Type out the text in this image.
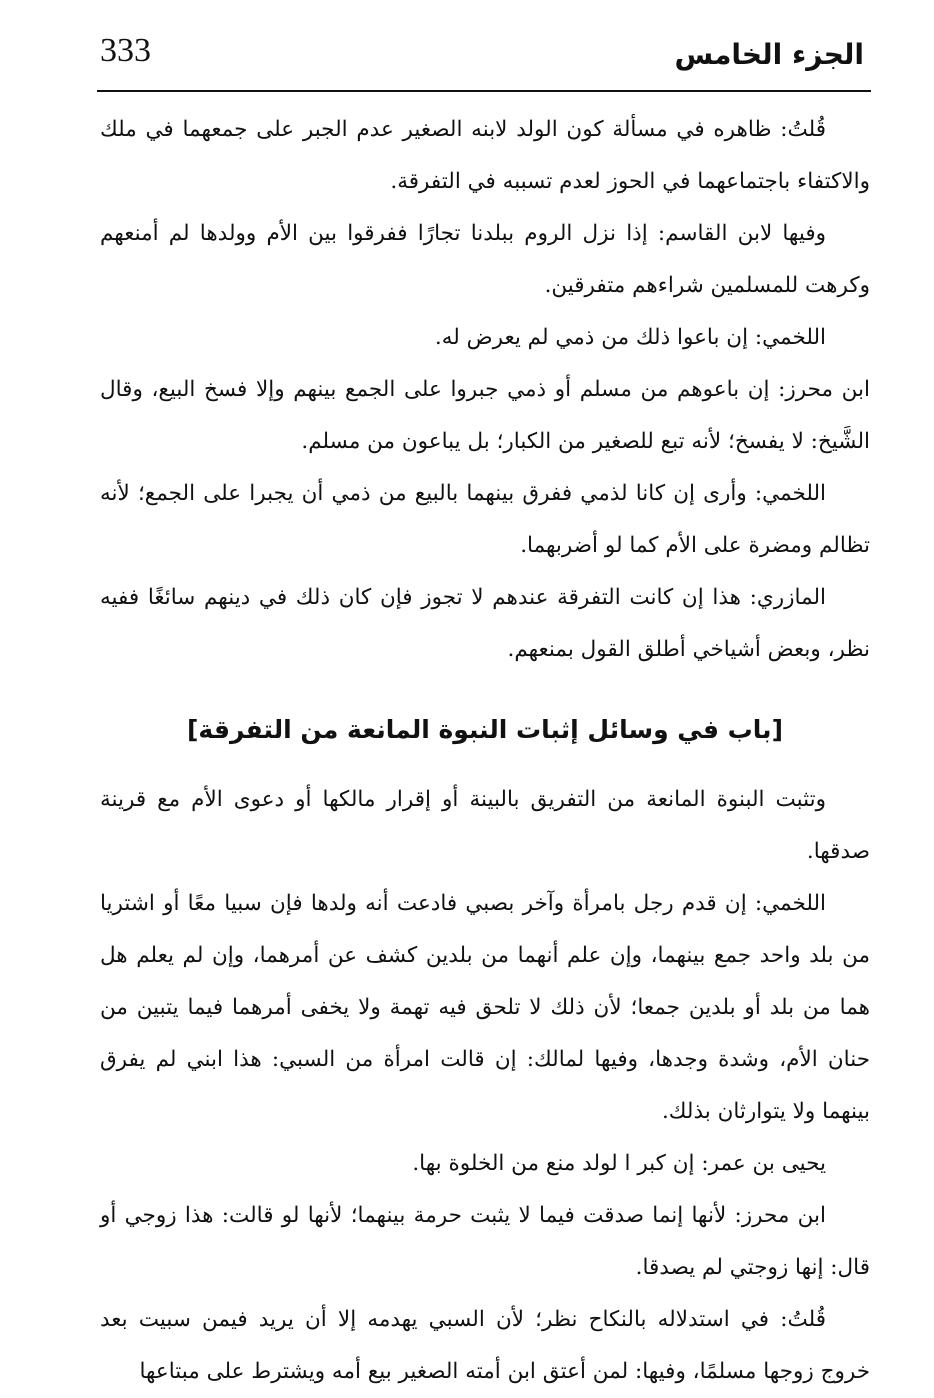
333	الجزء الخامس

قُلتُ: ظاهره في مسألة كون الولد لابنه الصغير عدم الجبر على جمعهما في ملك والاكتفاء باجتماعهما في الحوز لعدم تسببه في التفرقة.

وفيها لابن القاسم: إذا نزل الروم ببلدنا تجارًا ففرقوا بين الأم وولدها لم أمنعهم وكرهت للمسلمين شراءهم متفرقين.

اللخمي: إن باعوا ذلك من ذمي لم يعرض له.

ابن محرز: إن باعوهم من مسلم أو ذمي جبروا على الجمع بينهم وإلا فسخ البيع، وقال الشَّيخ: لا يفسخ؛ لأنه تبع للصغير من الكبار؛ بل يباعون من مسلم.

اللخمي: وأرى إن كانا لذمي ففرق بينهما بالبيع من ذمي أن يجبرا على الجمع؛ لأنه تظالم ومضرة على الأم كما لو أضربهما.

المازري: هذا إن كانت التفرقة عندهم لا تجوز فإن كان ذلك في دينهم سائغًا ففيه نظر، وبعض أشياخي أطلق القول بمنعهم.

[باب في وسائل إثبات النبوة المانعة من التفرقة]

وتثبت البنوة المانعة من التفريق بالبينة أو إقرار مالكها أو دعوى الأم مع قرينة صدقها.

اللخمي: إن قدم رجل بامرأة وآخر بصبي فادعت أنه ولدها فإن سبيا معًا أو اشتريا من بلد واحد جمع بينهما، وإن علم أنهما من بلدين كشف عن أمرهما، وإن لم يعلم هل هما من بلد أو بلدين جمعا؛ لأن ذلك لا تلحق فيه تهمة ولا يخفى أمرهما فيما يتبين من حنان الأم، وشدة وجدها، وفيها لمالك: إن قالت امرأة من السبي: هذا ابني لم يفرق بينهما ولا يتوارثان بذلك.

يحيى بن عمر: إن كبر ا لولد منع من الخلوة بها.

ابن محرز: لأنها إنما صدقت فيما لا يثبت حرمة بينهما؛ لأنها لو قالت: هذا زوجي أو قال: إنها زوجتي لم يصدقا.

قُلتُ: في استدلاله بالنكاح نظر؛ لأن السبي يهدمه إلا أن يريد فيمن سبيت بعد خروج زوجها مسلمًا، وفيها: لمن أعتق ابن أمته الصغير بيع أمه ويشترط على مبتاعها
